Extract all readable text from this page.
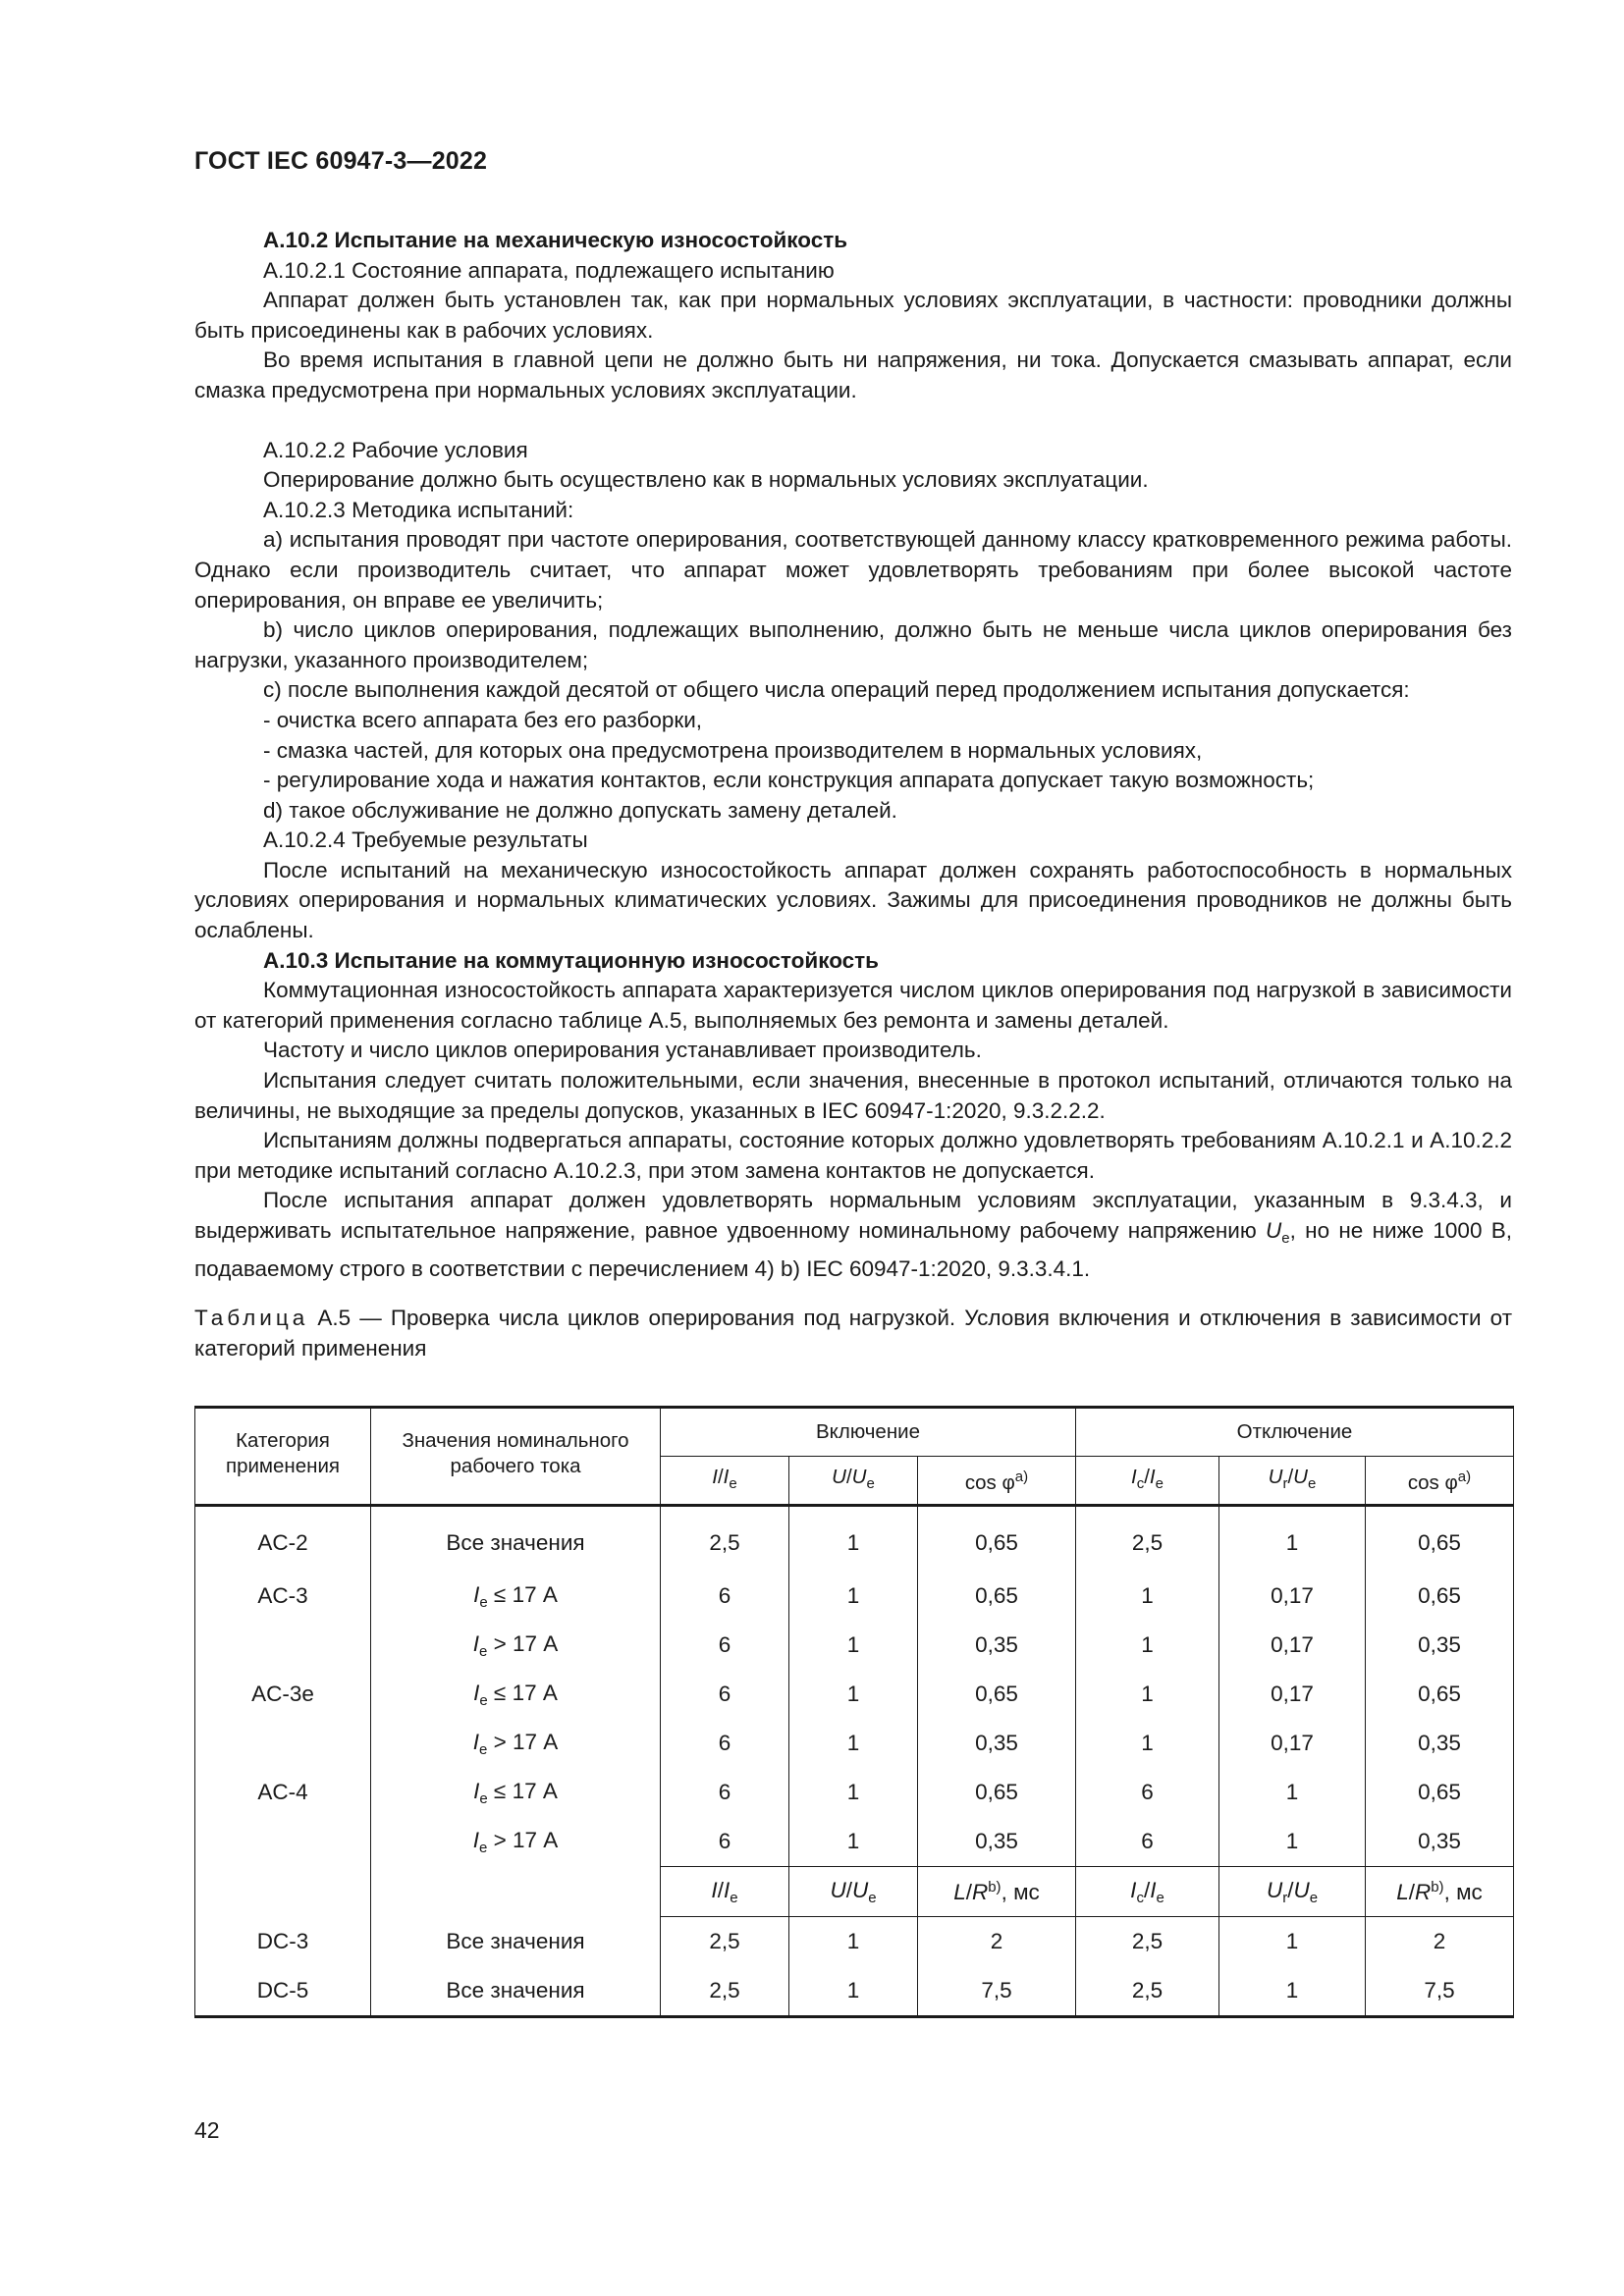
ГОСТ IEC 60947-3—2022

А.10.2 Испытание на механическую износостойкость

А.10.2.1 Состояние аппарата, подлежащего испытанию

Аппарат должен быть установлен так, как при нормальных условиях эксплуатации, в частности: проводники должны быть присоединены как в рабочих условиях.

Во время испытания в главной цепи не должно быть ни напряжения, ни тока. Допускается смазывать аппарат, если смазка предусмотрена при нормальных условиях эксплуатации.

А.10.2.2 Рабочие условия

Оперирование должно быть осуществлено как в нормальных условиях эксплуатации.

А.10.2.3 Методика испытаний:

a) испытания проводят при частоте оперирования, соответствующей данному классу кратковременного режима работы. Однако если производитель считает, что аппарат может удовлетворять требованиям при более высокой частоте оперирования, он вправе ее увеличить;

b) число циклов оперирования, подлежащих выполнению, должно быть не меньше числа циклов оперирования без нагрузки, указанного производителем;

c) после выполнения каждой десятой от общего числа операций перед продолжением испытания допускается:

- очистка всего аппарата без его разборки,

- смазка частей, для которых она предусмотрена производителем в нормальных условиях,

- регулирование хода и нажатия контактов, если конструкция аппарата допускает такую возможность;

d) такое обслуживание не должно допускать замену деталей.

А.10.2.4 Требуемые результаты

После испытаний на механическую износостойкость аппарат должен сохранять работоспособность в нормальных условиях оперирования и нормальных климатических условиях. Зажимы для присоединения проводников не должны быть ослаблены.

А.10.3 Испытание на коммутационную износостойкость

Коммутационная износостойкость аппарата характеризуется числом циклов оперирования под нагрузкой в зависимости от категорий применения согласно таблице А.5, выполняемых без ремонта и замены деталей.

Частоту и число циклов оперирования устанавливает производитель.

Испытания следует считать положительными, если значения, внесенные в протокол испытаний, отличаются только на величины, не выходящие за пределы допусков, указанных в IEC 60947-1:2020, 9.3.2.2.2.

Испытаниям должны подвергаться аппараты, состояние которых должно удовлетворять требованиям А.10.2.1 и А.10.2.2 при методике испытаний согласно А.10.2.3, при этом замена контактов не допускается.

После испытания аппарат должен удовлетворять нормальным условиям эксплуатации, указанным в 9.3.4.3, и выдерживать испытательное напряжение, равное удвоенному номинальному рабочему напряжению $U_e$, но не ниже 1000 В, подаваемому строго в соответствии с перечислением 4) b) IEC 60947-1:2020, 9.3.3.4.1.

Таблица А.5 — Проверка числа циклов оперирования под нагрузкой. Условия включения и отключения в зависимости от категорий применения

Категория применения	Значения номинального рабочего тока	Включение			Отключение		
		$I/I_e$	$U/U_e$	$\cos \varphi^{a)}$	$I_c/I_e$	$U_r/U_e$	$\cos \varphi^{a)}$
AC-2	Все значения	2,5	1	0,65	2,5	1	0,65
AC-3	$I_e \le 17$ А	6	1	0,65	1	0,17	0,65
	$I_e > 17$ А	6	1	0,35	1	0,17	0,35
AC-3e	$I_e \le 17$ А	6	1	0,65	1	0,17	0,65
	$I_e > 17$ А	6	1	0,35	1	0,17	0,35
AC-4	$I_e \le 17$ А	6	1	0,65	6	1	0,65
	$I_e > 17$ А	6	1	0,35	6	1	0,35
		$I/I_e$	$U/U_e$	$L/R^{b)}$, мс	$I_c/I_e$	$U_r/U_e$	$L/R^{b)}$, мс
DC-3	Все значения	2,5	1	2	2,5	1	2
DC-5	Все значения	2,5	1	7,5	2,5	1	7,5
42
